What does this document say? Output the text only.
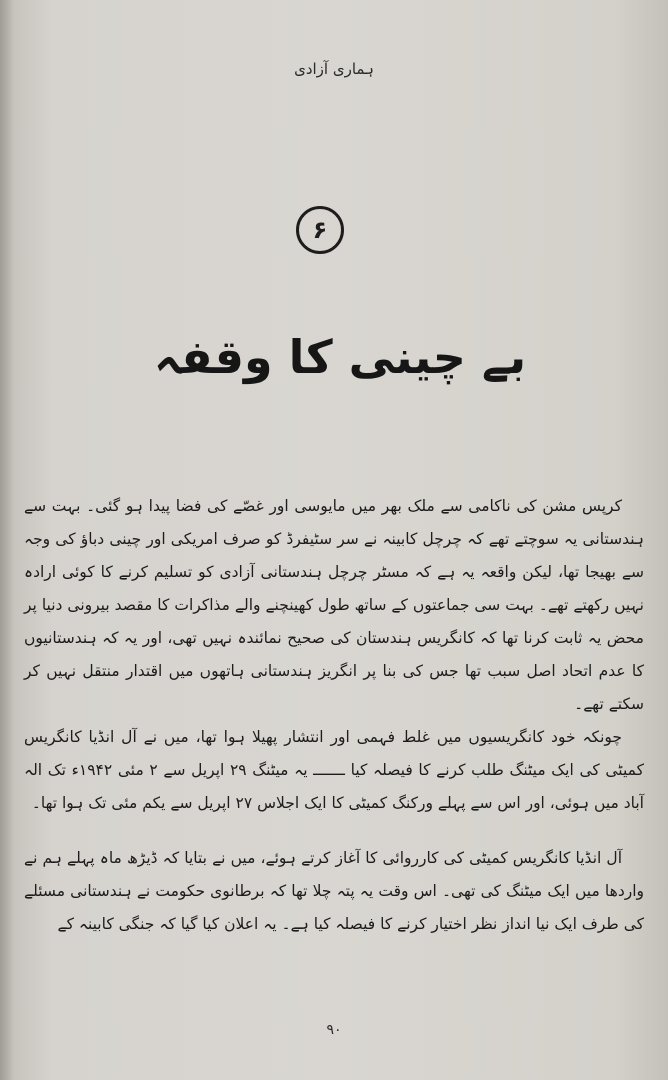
ہماری آزادی
۶
بے چینی کا وقفہ

کرپس مشن کی ناکامی سے ملک بھر میں مایوسی اور غصّے کی فضا پیدا ہو گئی۔ بہت سے ہندستانی یہ سوچتے تھے کہ چرچل کابینہ نے سر سٹیفرڈ کو صرف امریکی اور چینی دباؤ کی وجہ سے بھیجا تھا، لیکن واقعہ یہ ہے کہ مسٹر چرچل ہندستانی آزادی کو تسلیم کرنے کا کوئی ارادہ نہیں رکھتے تھے۔ بہت سی جماعتوں کے ساتھ طول کھینچنے والے مذاکرات کا مقصد بیرونی دنیا پر محض یہ ثابت کرنا تھا کہ کانگریس ہندستان کی صحیح نمائندہ نہیں تھی، اور یہ کہ ہندستانیوں کا عدم اتحاد اصل سبب تھا جس کی بنا پر انگریز ہندستانی ہاتھوں میں اقتدار منتقل نہیں کر سکتے تھے۔

چونکہ خود کانگریسیوں میں غلط فہمی اور انتشار پھیلا ہوا تھا، میں نے آل انڈیا کانگریس کمیٹی کی ایک میٹنگ طلب کرنے کا فیصلہ کیا ـــــــ یہ میٹنگ ۲۹ اپریل سے ۲ مئی ۱۹۴۲ء تک الہ آباد میں ہوئی، اور اس سے پہلے ورکنگ کمیٹی کا ایک اجلاس ۲۷ اپریل سے یکم مئی تک ہوا تھا۔

آل انڈیا کانگریس کمیٹی کی کارروائی کا آغاز کرتے ہوئے، میں نے بتایا کہ ڈیڑھ ماہ پہلے ہم نے واردھا میں ایک میٹنگ کی تھی۔ اس وقت یہ پتہ چلا تھا کہ برطانوی حکومت نے ہندستانی مسئلے کی طرف ایک نیا انداز نظر اختیار کرنے کا فیصلہ کیا ہے۔ یہ اعلان کیا گیا کہ جنگی کابینہ کے

۹۰
